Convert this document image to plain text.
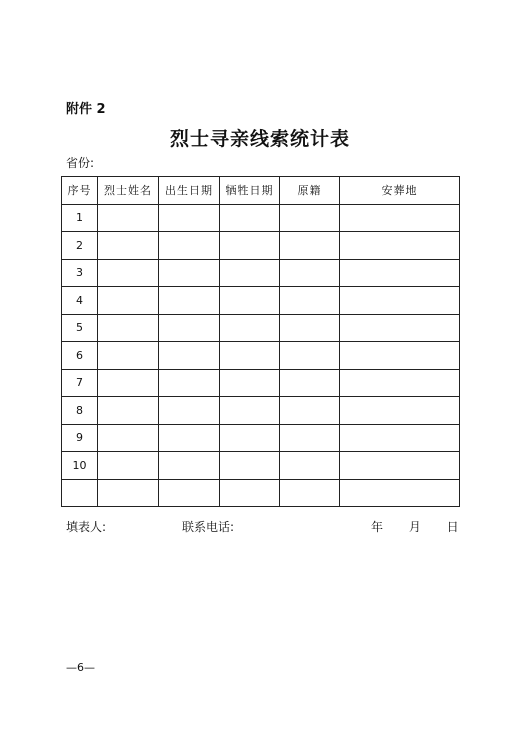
附件 2
烈士寻亲线索统计表
省份:
序号	烈士姓名	出生日期	牺牲日期	原籍	安葬地
1					
2					
3					
4					
5					
6					
7					
8					
9					
10					

填表人:	联系电话:	年 月 日
—6—
